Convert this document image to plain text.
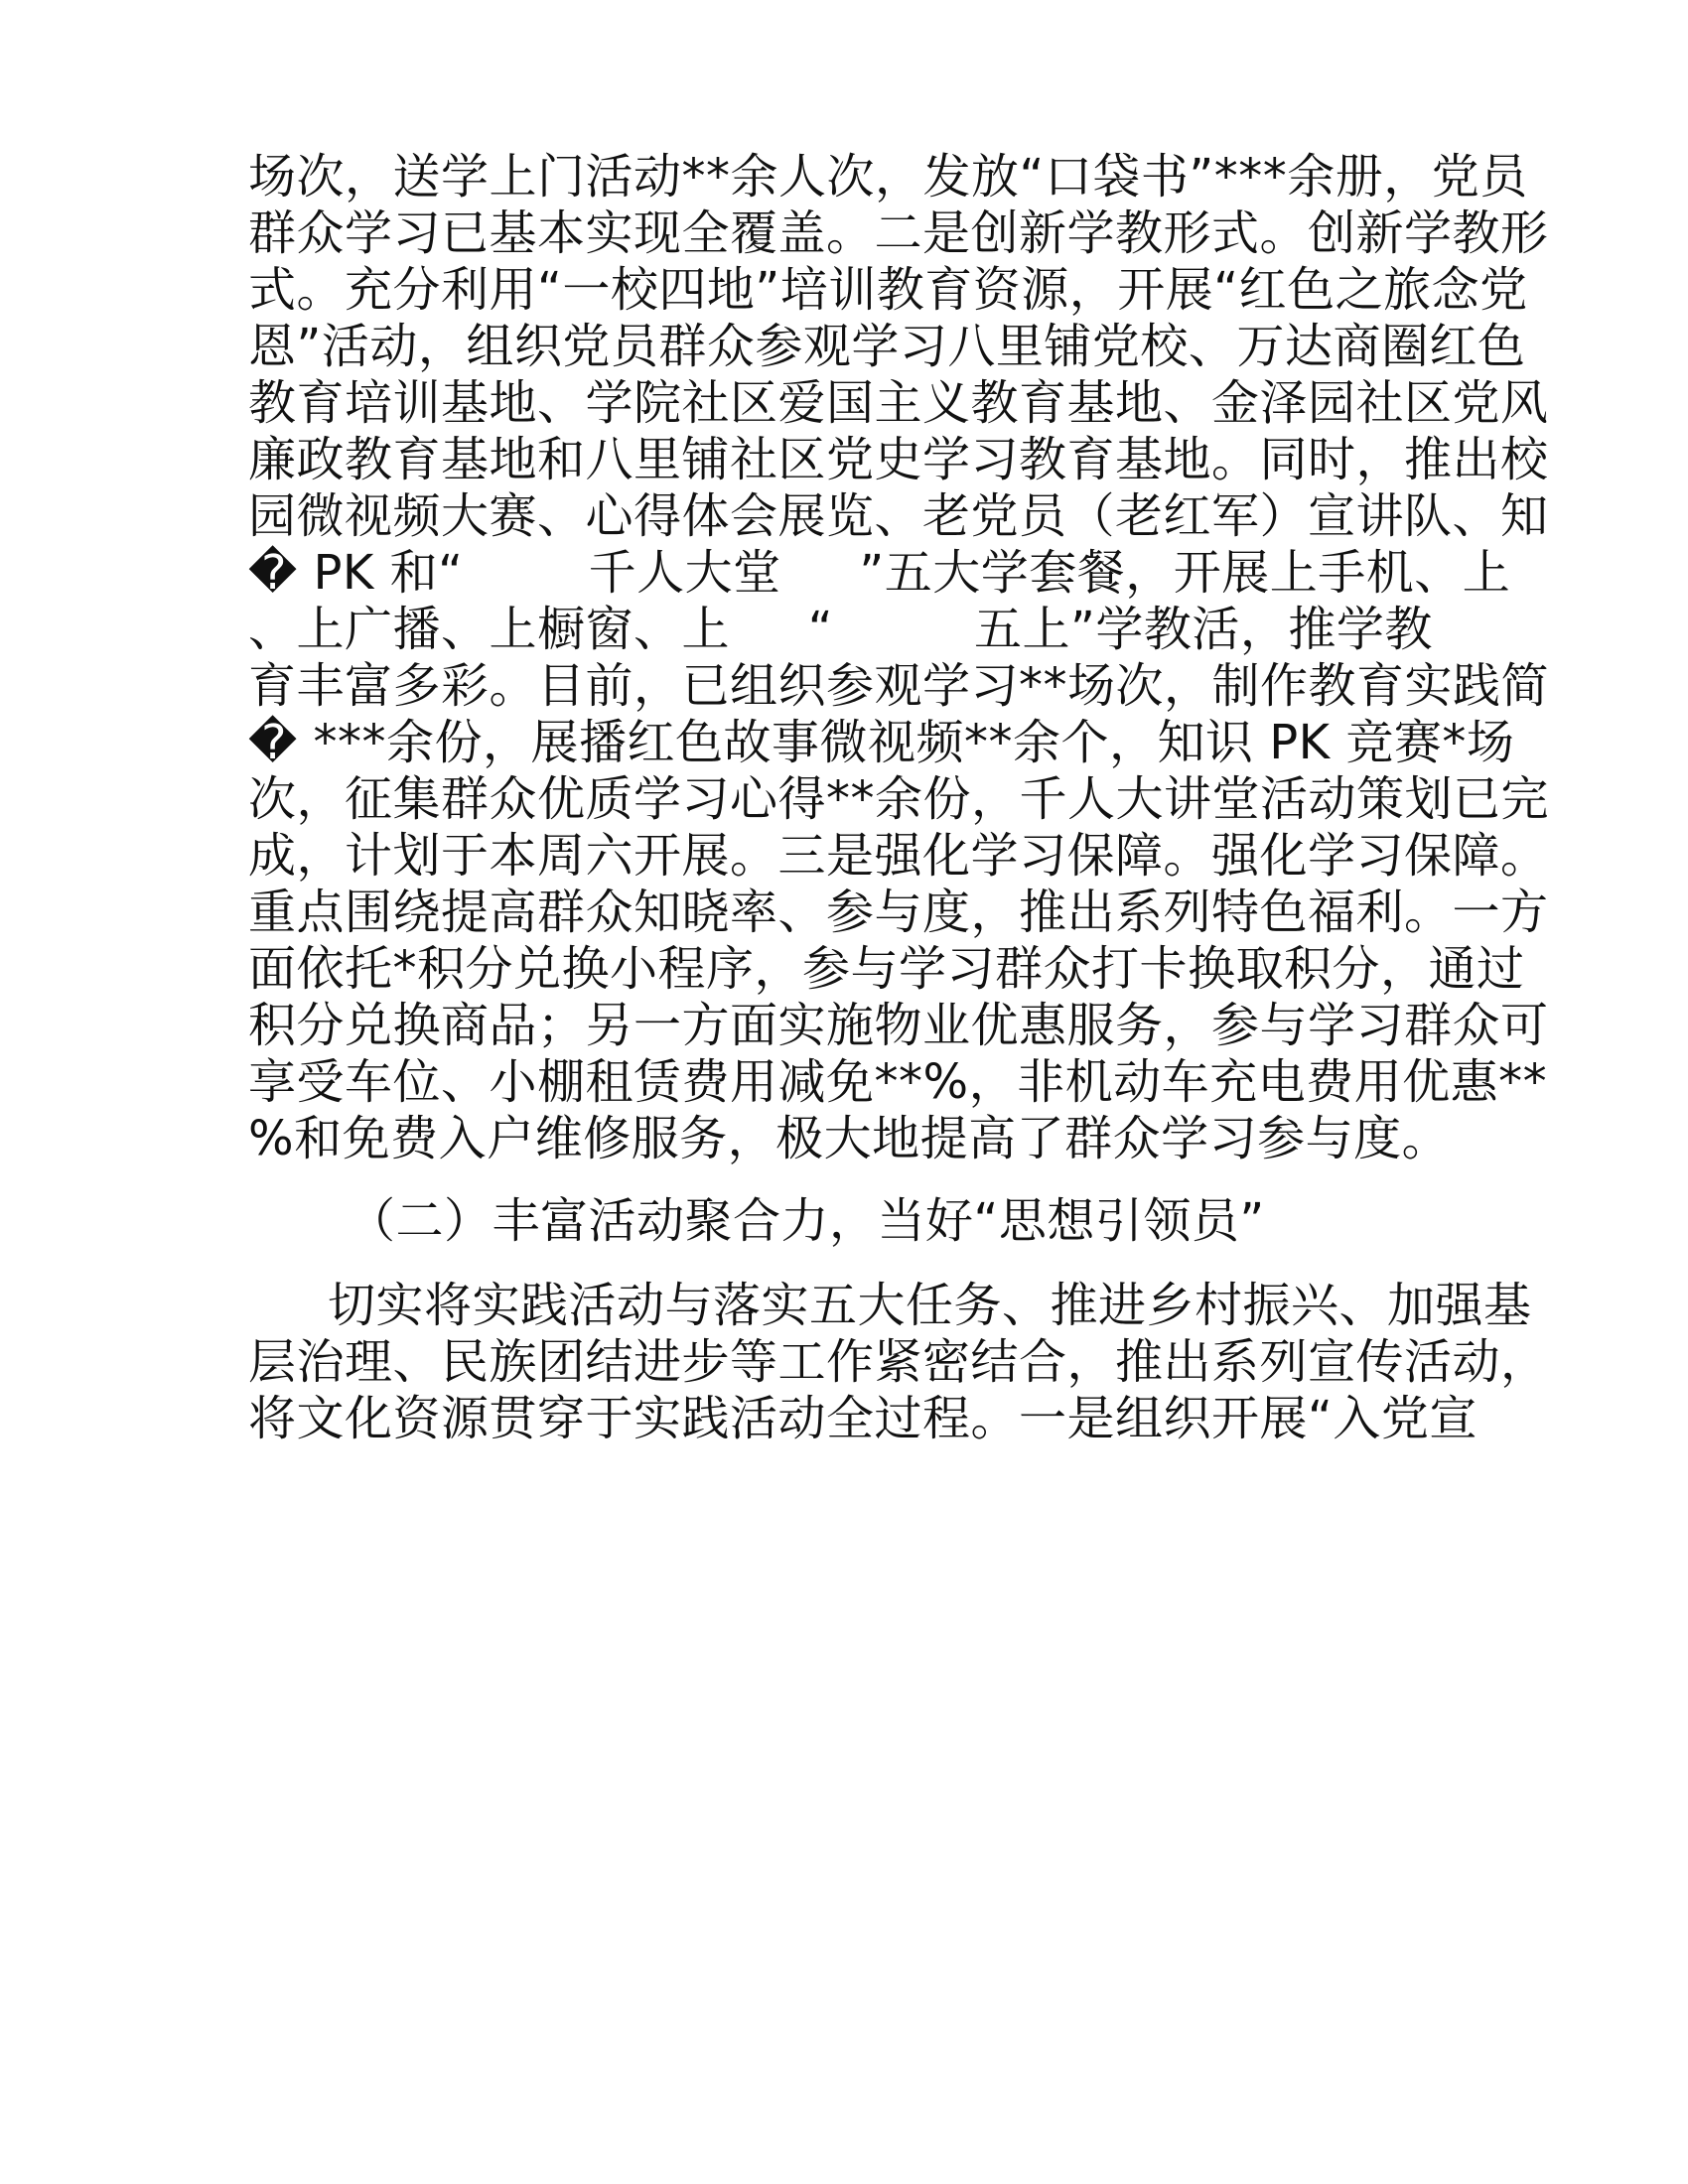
场次，送学上门活动**余人次，发放“口袋书”***余册，党员
群众学习已基本实现全覆盖。二是创新学教形式。创新学教形
式。充分利用“一校四地”培训教育资源，开展“红色之旅念党
恩”活动，组织党员群众参观学习八里铺党校、万达商圈红色
教育培训基地、学院社区爱国主义教育基地、金泽园社区党风
廉政教育基地和八里铺社区党史学习教育基地。同时，推出校
园微视频大赛、心得体会展览、老党员（老红军）宣讲队、知
� PK 和“        千人大堂     ”五大学套餐，开展上手机、上
、上广播、上橱窗、上     “         五上”学教活，推学教
育丰富多彩。目前，已组织参观学习**场次，制作教育实践简
� ***余份，展播红色故事微视频**余个，知识 PK 竞赛*场
次，征集群众优质学习心得**余份，千人大讲堂活动策划已完
成，计划于本周六开展。三是强化学习保障。强化学习保障。
重点围绕提高群众知晓率、参与度，推出系列特色福利。一方
面依托*积分兑换小程序，参与学习群众打卡换取积分，通过
积分兑换商品；另一方面实施物业优惠服务，参与学习群众可
享受车位、小棚租赁费用减免**%，非机动车充电费用优惠**
%和免费入户维修服务，极大地提高了群众学习参与度。
（二）丰富活动聚合力，当好“思想引领员”
切实将实践活动与落实五大任务、推进乡村振兴、加强基
层治理、民族团结进步等工作紧密结合，推出系列宣传活动，
将文化资源贯穿于实践活动全过程。一是组织开展“入党宣
